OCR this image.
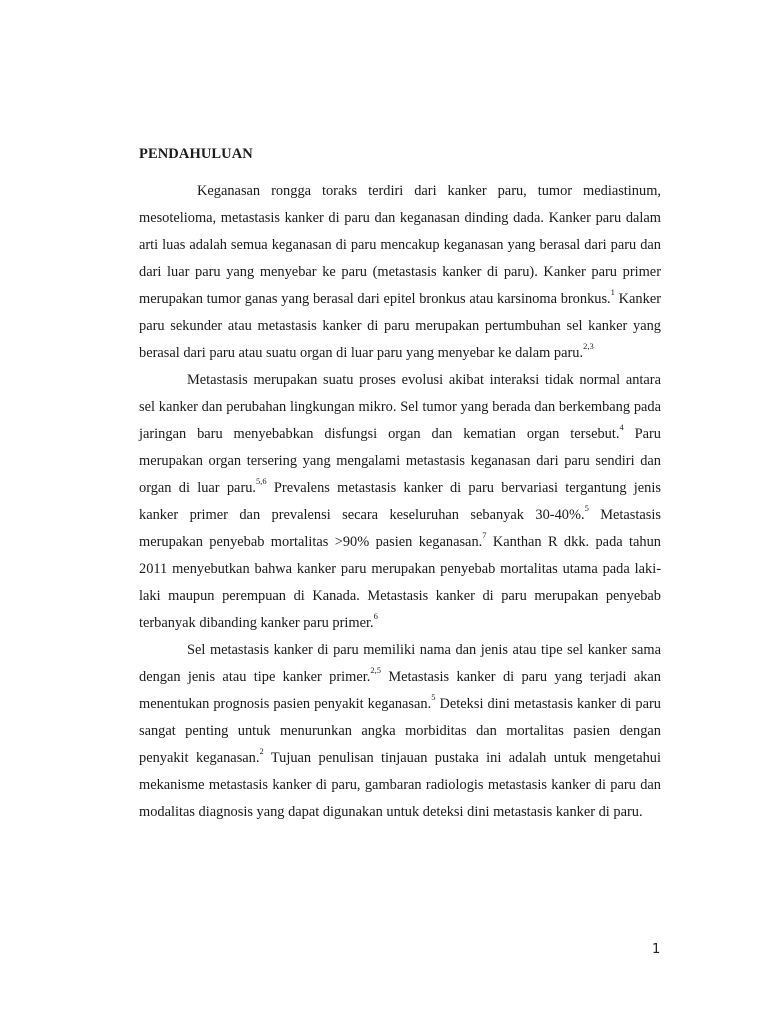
PENDAHULUAN

Keganasan rongga toraks terdiri dari kanker paru, tumor mediastinum, mesotelioma, metastasis kanker di paru dan keganasan dinding dada. Kanker paru dalam arti luas adalah semua keganasan di paru mencakup keganasan yang berasal dari paru dan dari luar paru yang menyebar ke paru (metastasis kanker di paru). Kanker paru primer merupakan tumor ganas yang berasal dari epitel bronkus atau karsinoma bronkus.$^1$ Kanker paru sekunder atau metastasis kanker di paru merupakan pertumbuhan sel kanker yang berasal dari paru atau suatu organ di luar paru yang menyebar ke dalam paru.$^{2,3}$

Metastasis merupakan suatu proses evolusi akibat interaksi tidak normal antara sel kanker dan perubahan lingkungan mikro. Sel tumor yang berada dan berkembang pada jaringan baru menyebabkan disfungsi organ dan kematian organ tersebut.$^4$ Paru merupakan organ tersering yang mengalami metastasis keganasan dari paru sendiri dan organ di luar paru.$^{5,6}$ Prevalens metastasis kanker di paru bervariasi tergantung jenis kanker primer dan prevalensi secara keseluruhan sebanyak 30-40%.$^5$ Metastasis merupakan penyebab mortalitas >90% pasien keganasan.$^7$ Kanthan R dkk. pada tahun 2011 menyebutkan bahwa kanker paru merupakan penyebab mortalitas utama pada laki-laki maupun perempuan di Kanada. Metastasis kanker di paru merupakan penyebab terbanyak dibanding kanker paru primer.$^6$

Sel metastasis kanker di paru memiliki nama dan jenis atau tipe sel kanker sama dengan jenis atau tipe kanker primer.$^{2,5}$ Metastasis kanker di paru yang terjadi akan menentukan prognosis pasien penyakit keganasan.$^5$ Deteksi dini metastasis kanker di paru sangat penting untuk menurunkan angka morbiditas dan mortalitas pasien dengan penyakit keganasan.$^2$ Tujuan penulisan tinjauan pustaka ini adalah untuk mengetahui mekanisme metastasis kanker di paru, gambaran radiologis metastasis kanker di paru dan modalitas diagnosis yang dapat digunakan untuk deteksi dini metastasis kanker di paru.

1
